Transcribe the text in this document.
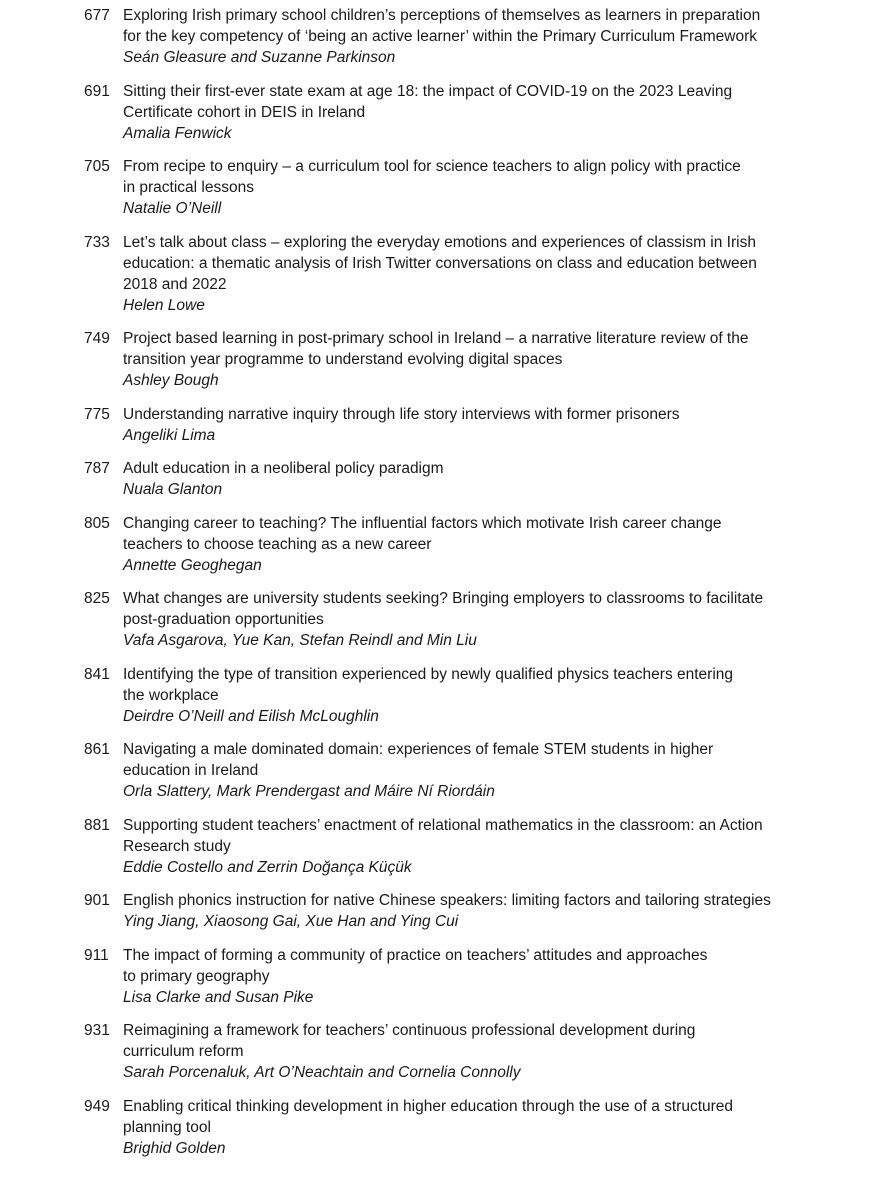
677 Exploring Irish primary school children’s perceptions of themselves as learners in preparation
for the key competency of ‘being an active learner’ within the Primary Curriculum Framework
Seán Gleasure and Suzanne Parkinson
691 Sitting their first-ever state exam at age 18: the impact of COVID-19 on the 2023 Leaving
Certificate cohort in DEIS in Ireland
Amalia Fenwick
705 From recipe to enquiry – a curriculum tool for science teachers to align policy with practice
in practical lessons
Natalie O’Neill
733 Let’s talk about class – exploring the everyday emotions and experiences of classism in Irish
education: a thematic analysis of Irish Twitter conversations on class and education between
2018 and 2022
Helen Lowe
749 Project based learning in post-primary school in Ireland – a narrative literature review of the
transition year programme to understand evolving digital spaces
Ashley Bough
775 Understanding narrative inquiry through life story interviews with former prisoners
Angeliki Lima
787 Adult education in a neoliberal policy paradigm
Nuala Glanton
805 Changing career to teaching? The influential factors which motivate Irish career change
teachers to choose teaching as a new career
Annette Geoghegan
825 What changes are university students seeking? Bringing employers to classrooms to facilitate
post-graduation opportunities
Vafa Asgarova, Yue Kan, Stefan Reindl and Min Liu
841 Identifying the type of transition experienced by newly qualified physics teachers entering
the workplace
Deirdre O’Neill and Eilish McLoughlin
861 Navigating a male dominated domain: experiences of female STEM students in higher
education in Ireland
Orla Slattery, Mark Prendergast and Máire Ní Riordáin
881 Supporting student teachers’ enactment of relational mathematics in the classroom: an Action
Research study
Eddie Costello and Zerrin Doğança Küçük
901 English phonics instruction for native Chinese speakers: limiting factors and tailoring strategies
Ying Jiang, Xiaosong Gai, Xue Han and Ying Cui
911 The impact of forming a community of practice on teachers’ attitudes and approaches
to primary geography
Lisa Clarke and Susan Pike
931 Reimagining a framework for teachers’ continuous professional development during
curriculum reform
Sarah Porcenaluk, Art O’Neachtain and Cornelia Connolly
949 Enabling critical thinking development in higher education through the use of a structured
planning tool
Brighid Golden
